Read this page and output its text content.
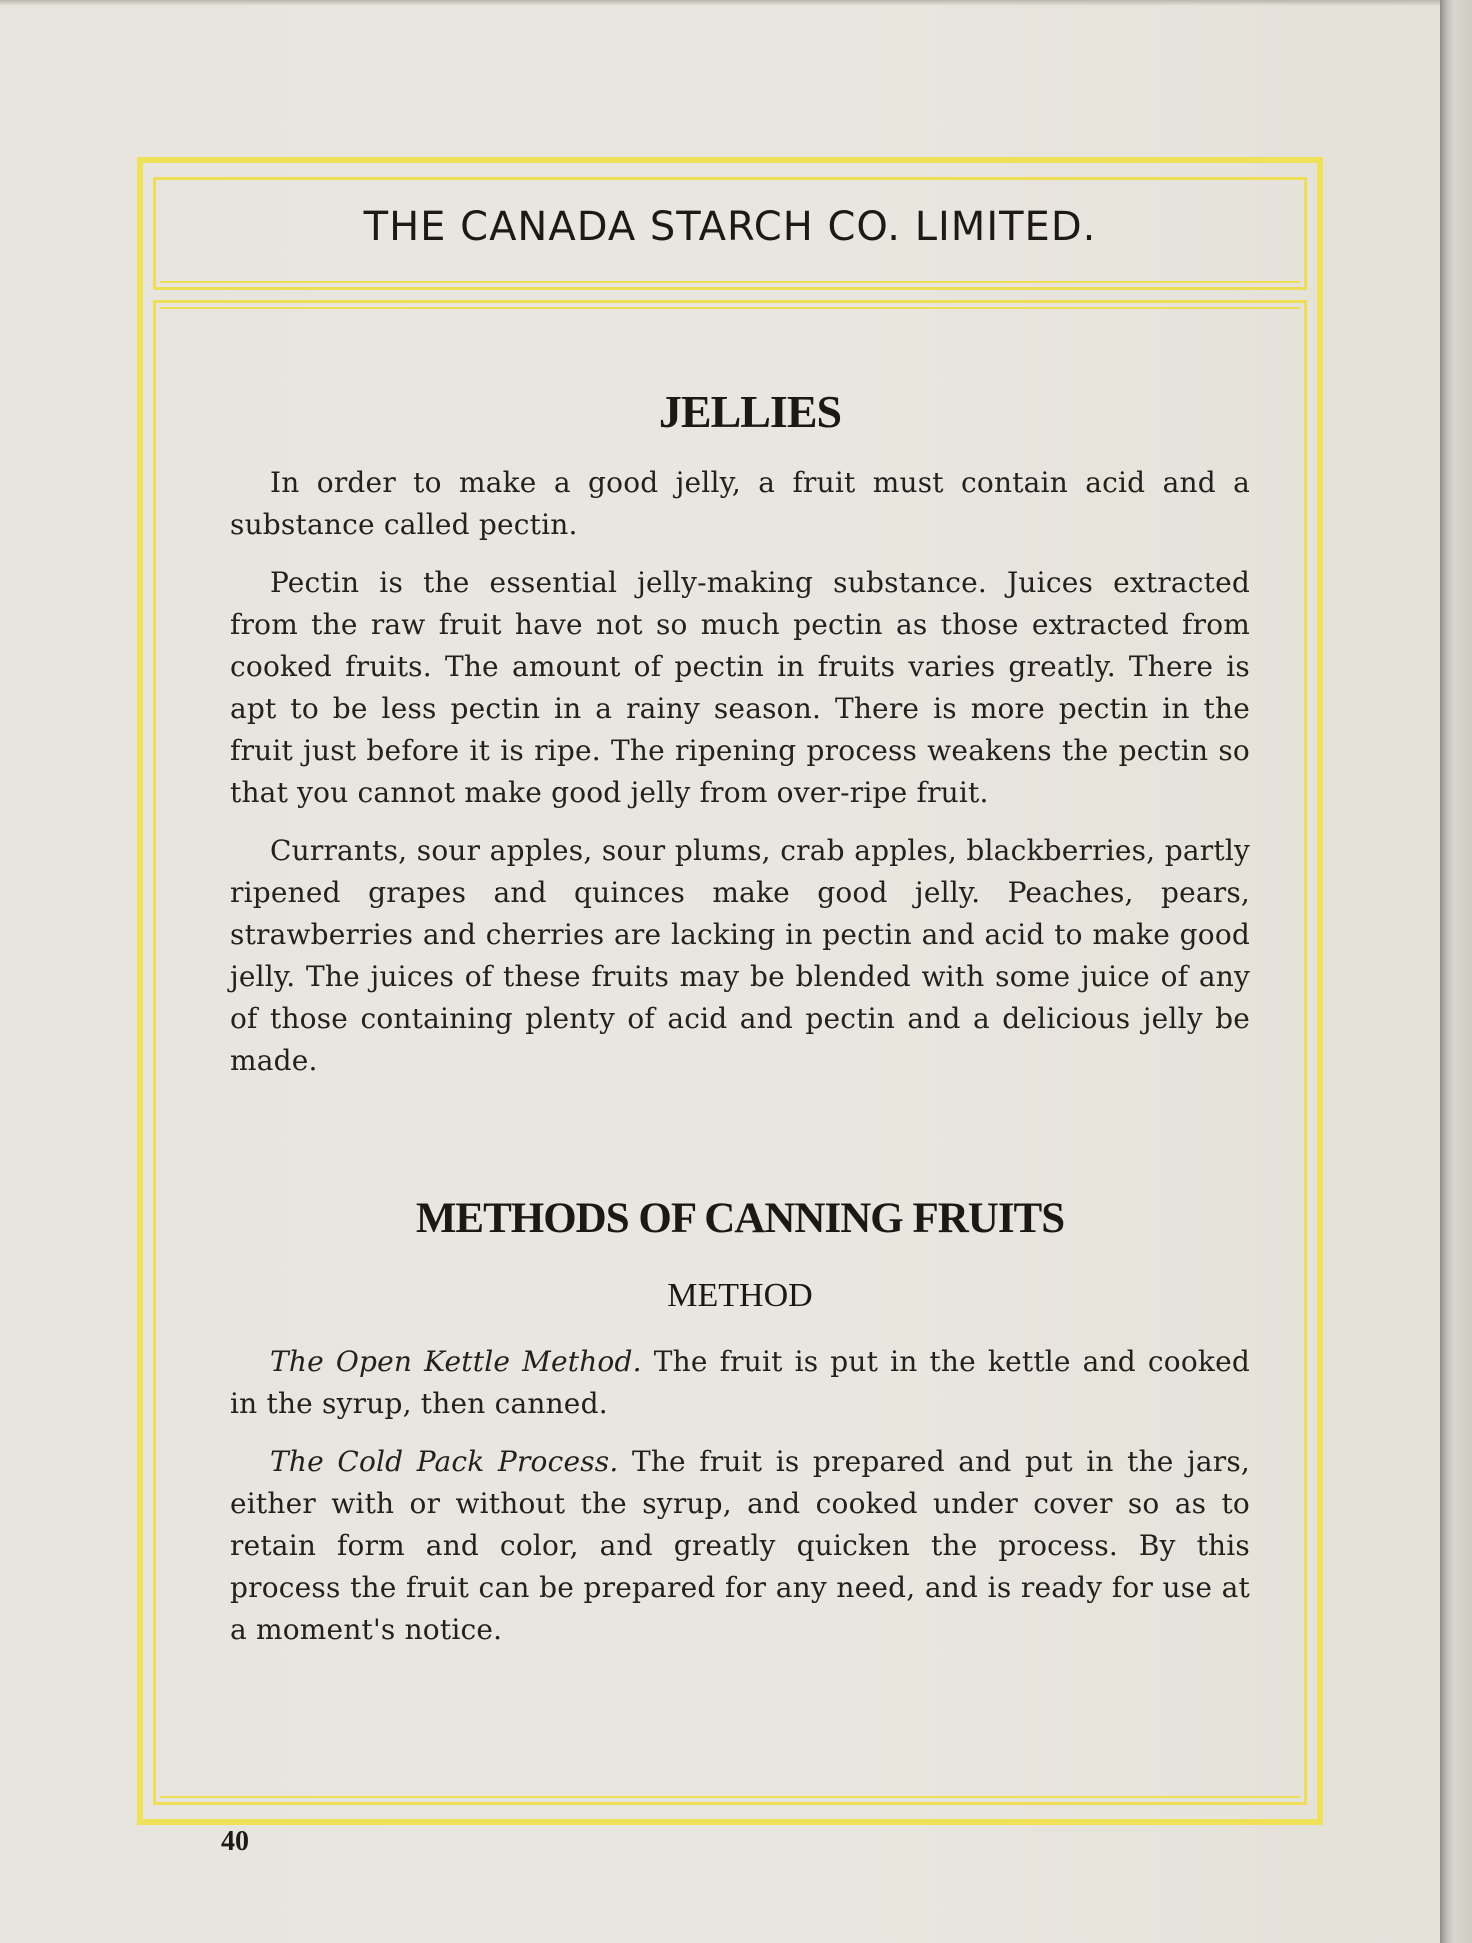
THE CANADA STARCH CO. LIMITED.
JELLIES

In order to make a good jelly, a fruit must contain acid and a substance called pectin.

Pectin is the essential jelly-making substance. Juices extracted from the raw fruit have not so much pectin as those extracted from cooked fruits. The amount of pectin in fruits varies greatly. There is apt to be less pectin in a rainy season. There is more pectin in the fruit just before it is ripe. The ripening process weakens the pectin so that you cannot make good jelly from over-ripe fruit.

Currants, sour apples, sour plums, crab apples, blackberries, partly ripened grapes and quinces make good jelly. Peaches, pears, strawberries and cherries are lacking in pectin and acid to make good jelly. The juices of these fruits may be blended with some juice of any of those containing plenty of acid and pectin and a delicious jelly be made.

METHODS OF CANNING FRUITS
METHOD

The Open Kettle Method. The fruit is put in the kettle and cooked in the syrup, then canned.

The Cold Pack Process. The fruit is prepared and put in the jars, either with or without the syrup, and cooked under cover so as to retain form and color, and greatly quicken the process. By this process the fruit can be prepared for any need, and is ready for use at a moment's notice.

40
